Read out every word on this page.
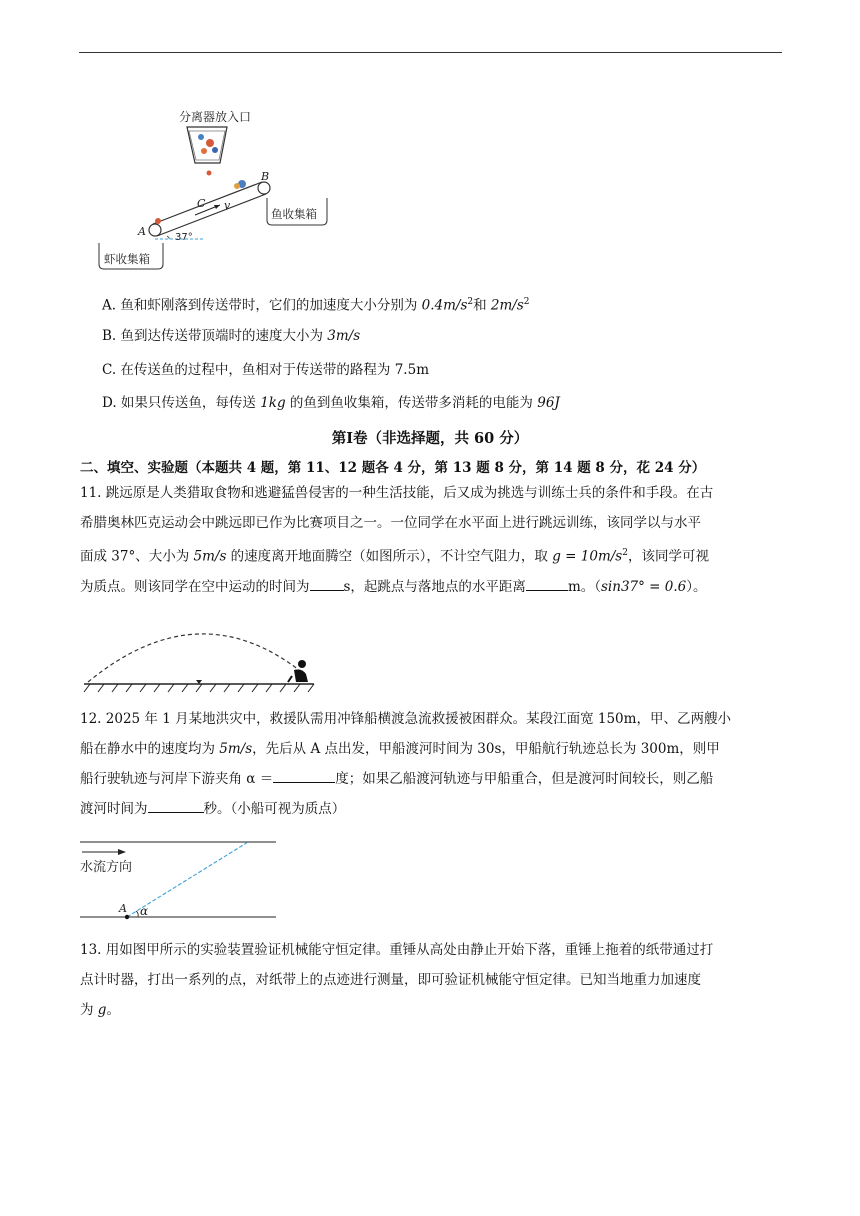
分离器放入口
C v
A
B
37°
鱼收集箱
虾收集箱
A. 鱼和虾刚落到传送带时，它们的加速度大小分别为 $0.4m/s^2$和 $2m/s^2$
B. 鱼到达传送带顶端时的速度大小为 3m/s
C. 在传送鱼的过程中，鱼相对于传送带的路程为 7.5m
D. 如果只传送鱼，每传送 1kg 的鱼到鱼收集箱，传送带多消耗的电能为 96J
第Ⅰ卷（非选择题，共 60 分）
二、填空、实验题（本题共 4 题，第 11、12 题各 4 分，第 13 题 8 分，第 14 题 8 分，花 24 分）
11. 跳远原是人类猎取食物和逃避猛兽侵害的一种生活技能，后又成为挑选与训练士兵的条件和手段。在古
希腊奥林匹克运动会中跳远即已作为比赛项目之一。一位同学在水平面上进行跳远训练，该同学以与水平
面成 37°、大小为 5m/s 的速度离开地面腾空（如图所示），不计空气阻力，取 $g = 10m/s^2$，该同学可视
为质点。则该同学在空中运动的时间为	s，起跳点与落地点的水平距离	m。（sin37° = 0.6）。
12. 2025 年 1 月某地洪灾中，救援队需用冲锋船横渡急流救援被困群众。某段江面宽 150m，甲、乙两艘小
船在静水中的速度均为 5m/s，先后从 A 点出发，甲船渡河时间为 30s，甲船航行轨迹总长为 300m，则甲
船行驶轨迹与河岸下游夹角 α ＝	度；如果乙船渡河轨迹与甲船重合，但是渡河时间较长，则乙船
渡河时间为	秒。（小船可视为质点）
水流方向
A α
13. 用如图甲所示的实验装置验证机械能守恒定律。重锤从高处由静止开始下落，重锤上拖着的纸带通过打
点计时器，打出一系列的点，对纸带上的点迹进行测量，即可验证机械能守恒定律。已知当地重力加速度
为 g。
